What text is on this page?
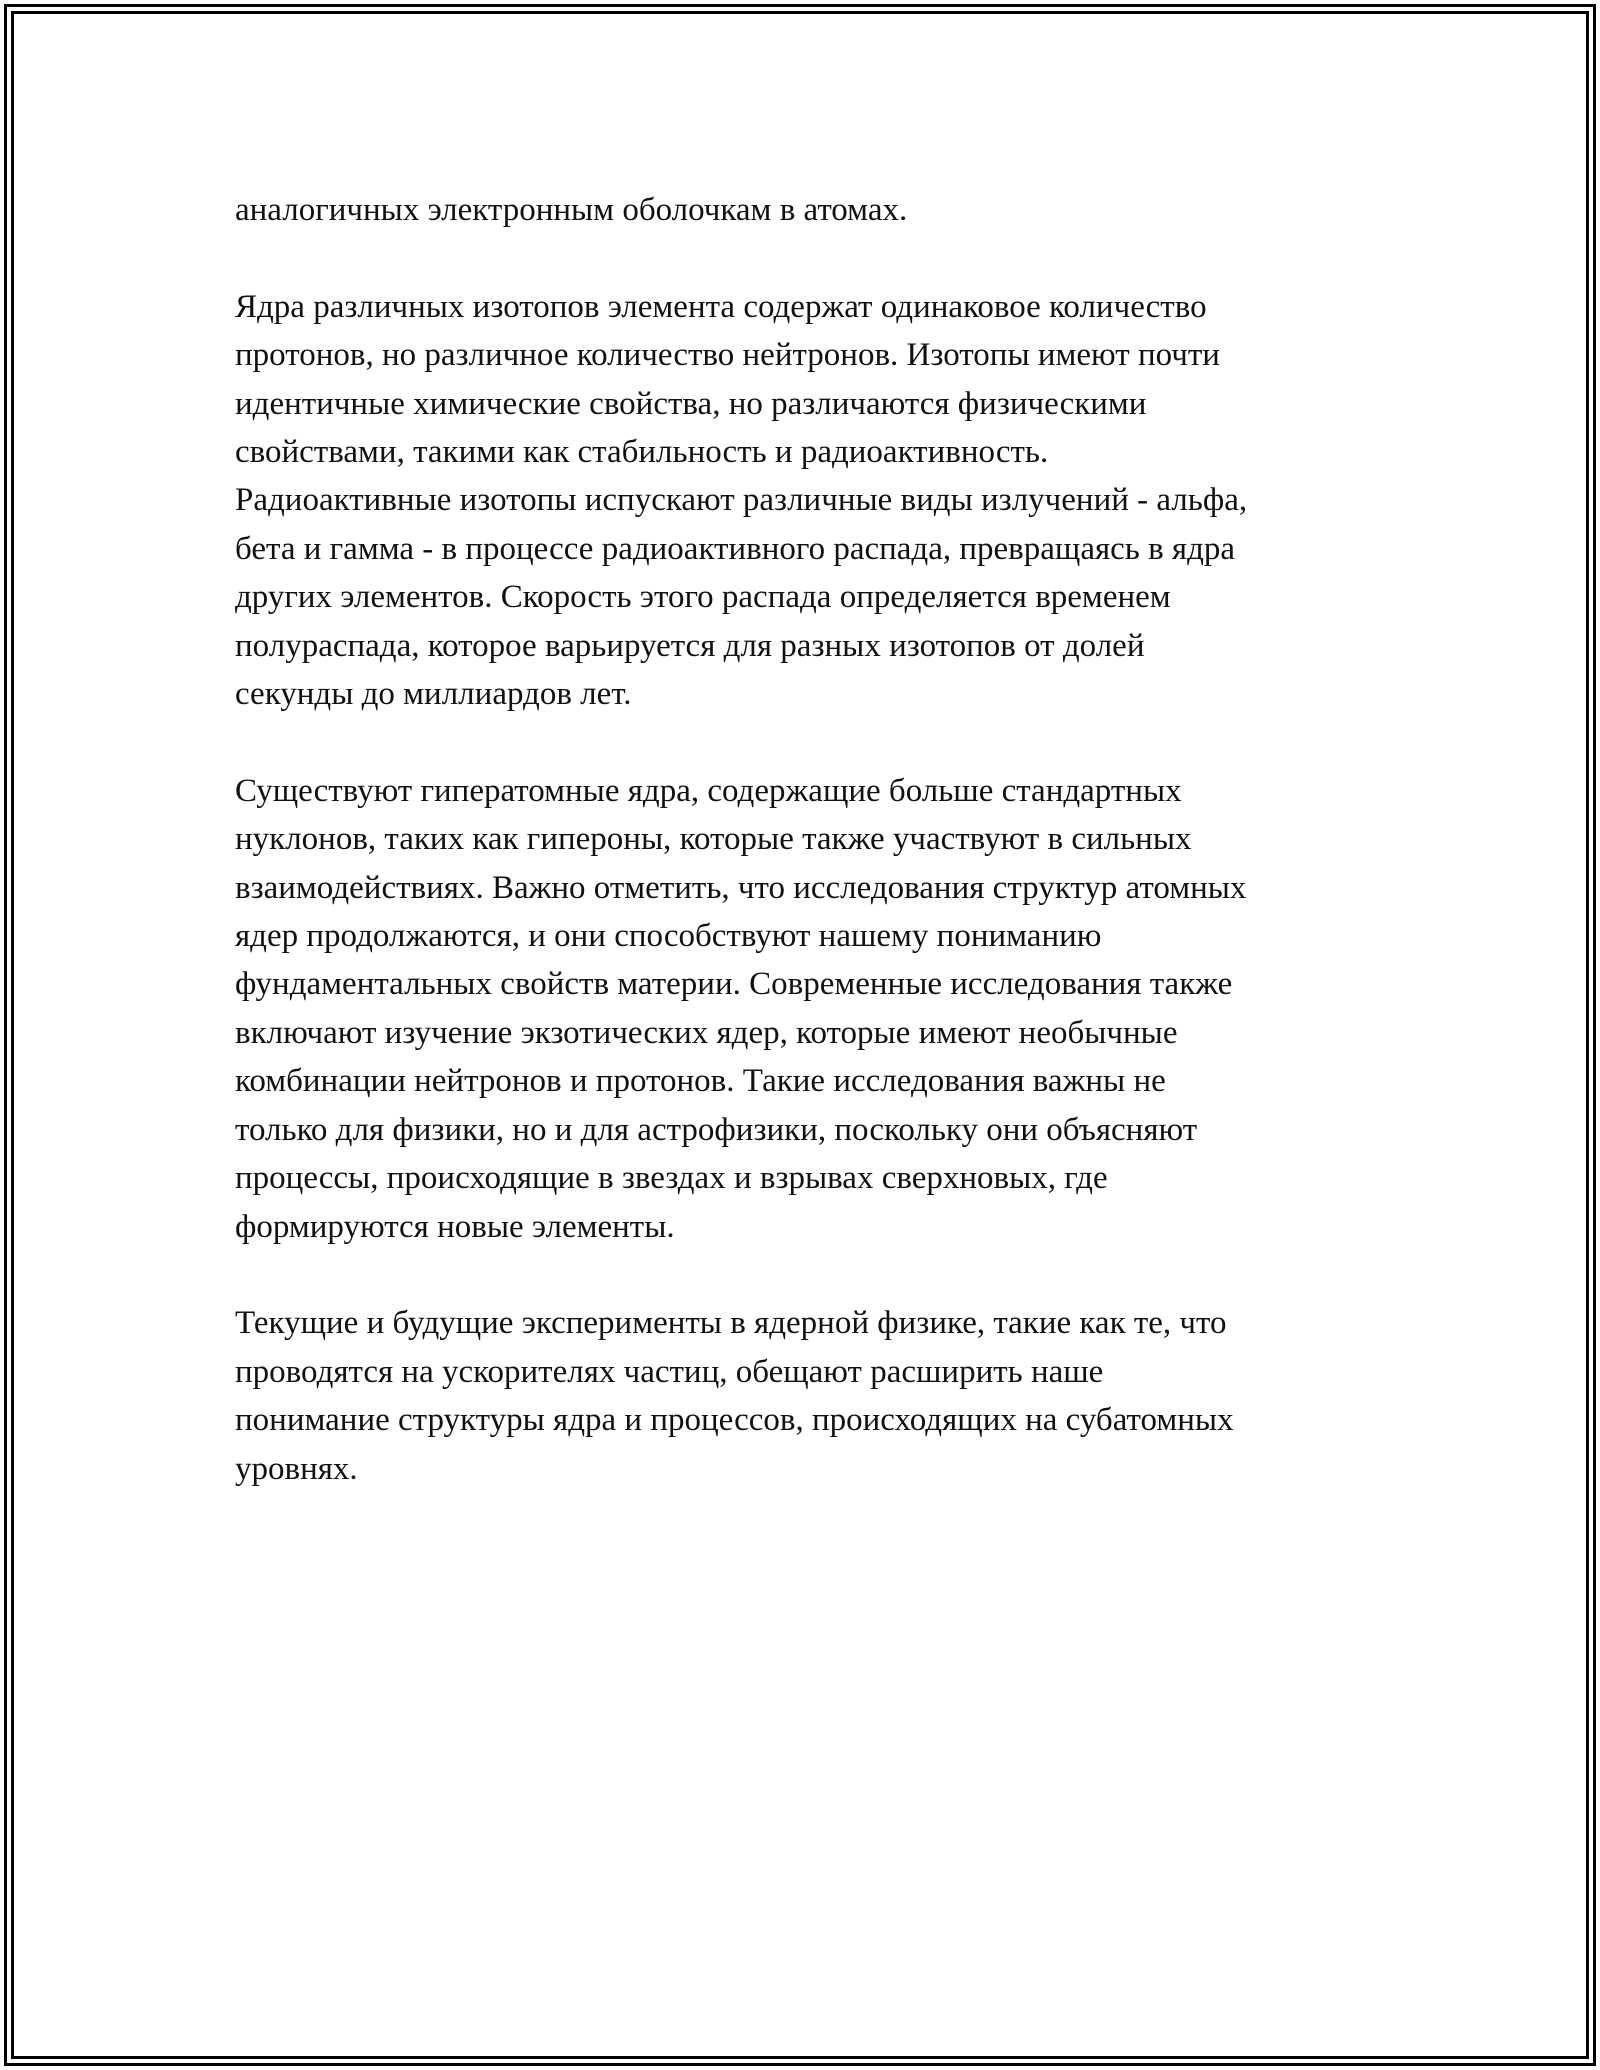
аналогичных электронным оболочкам в атомах.

Ядра различных изотопов элемента содержат одинаковое количество
протонов, но различное количество нейтронов. Изотопы имеют почти
идентичные химические свойства, но различаются физическими
свойствами, такими как стабильность и радиоактивность.
Радиоактивные изотопы испускают различные виды излучений - альфа,
бета и гамма - в процессе радиоактивного распада, превращаясь в ядра
других элементов. Скорость этого распада определяется временем
полураспада, которое варьируется для разных изотопов от долей
секунды до миллиардов лет.

Существуют гиператомные ядра, содержащие больше стандартных
нуклонов, таких как гипероны, которые также участвуют в сильных
взаимодействиях. Важно отметить, что исследования структур атомных
ядер продолжаются, и они способствуют нашему пониманию
фундаментальных свойств материи. Современные исследования также
включают изучение экзотических ядер, которые имеют необычные
комбинации нейтронов и протонов. Такие исследования важны не
только для физики, но и для астрофизики, поскольку они объясняют
процессы, происходящие в звездах и взрывах сверхновых, где
формируются новые элементы.

Текущие и будущие эксперименты в ядерной физике, такие как те, что
проводятся на ускорителях частиц, обещают расширить наше
понимание структуры ядра и процессов, происходящих на субатомных
уровнях.
